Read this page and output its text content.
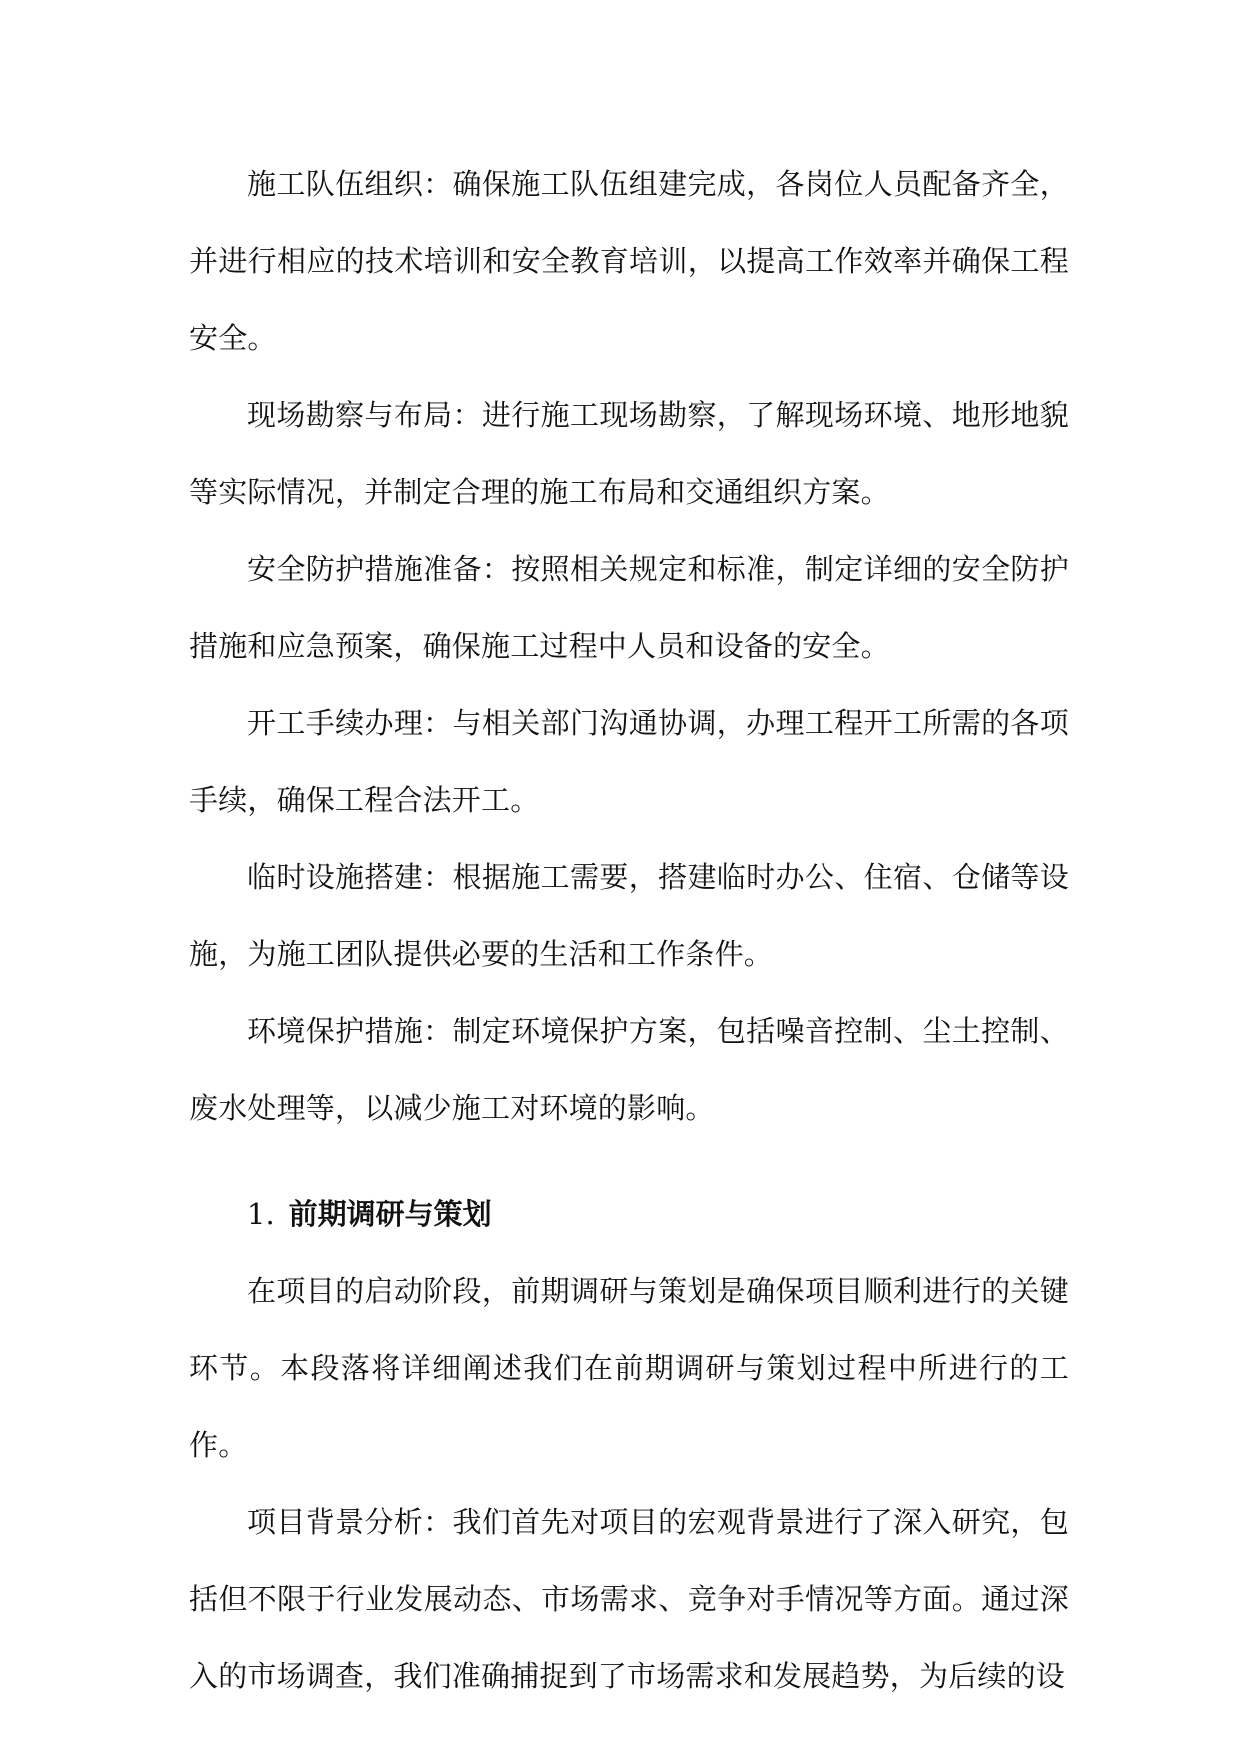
施工队伍组织：确保施工队伍组建完成，各岗位人员配备齐全，并进行相应的技术培训和安全教育培训，以提高工作效率并确保工程安全。

现场勘察与布局：进行施工现场勘察，了解现场环境、地形地貌等实际情况，并制定合理的施工布局和交通组织方案。

安全防护措施准备：按照相关规定和标准，制定详细的安全防护措施和应急预案，确保施工过程中人员和设备的安全。

开工手续办理：与相关部门沟通协调，办理工程开工所需的各项手续，确保工程合法开工。

临时设施搭建：根据施工需要，搭建临时办公、住宿、仓储等设施，为施工团队提供必要的生活和工作条件。

环境保护措施：制定环境保护方案，包括噪音控制、尘土控制、废水处理等，以减少施工对环境的影响。

1. 前期调研与策划

在项目的启动阶段，前期调研与策划是确保项目顺利进行的关键环节。本段落将详细阐述我们在前期调研与策划过程中所进行的工作。

项目背景分析：我们首先对项目的宏观背景进行了深入研究，包括但不限于行业发展动态、市场需求、竞争对手情况等方面。通过深入的市场调查，我们准确捕捉到了市场需求和发展趋势，为后续的设
